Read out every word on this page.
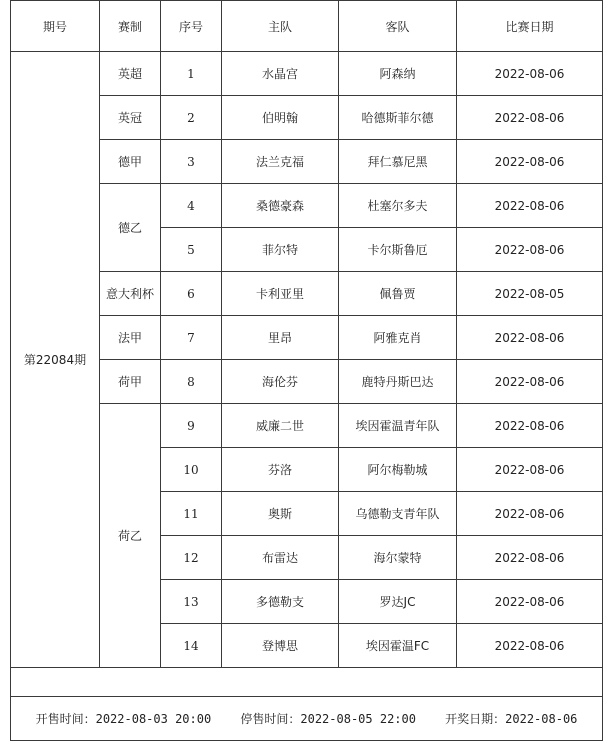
期号	赛制	序号	主队	客队	比赛日期
第22084期	英超	1	水晶宫	阿森纳	2022-08-06
	英冠	2	伯明翰	哈德斯菲尔德	2022-08-06
	德甲	3	法兰克福	拜仁慕尼黑	2022-08-06
	德乙	4	桑德豪森	杜塞尔多夫	2022-08-06
		5	菲尔特	卡尔斯鲁厄	2022-08-06
	意大利杯	6	卡利亚里	佩鲁贾	2022-08-05
	法甲	7	里昂	阿雅克肖	2022-08-06
	荷甲	8	海伦芬	鹿特丹斯巴达	2022-08-06
	荷乙	9	威廉二世	埃因霍温青年队	2022-08-06
		10	芬洛	阿尔梅勒城	2022-08-06
		11	奥斯	乌德勒支青年队	2022-08-06
		12	布雷达	海尔蒙特	2022-08-06
		13	多德勒支	罗达JC	2022-08-06
		14	登博思	埃因霍温FC	2022-08-06

开售时间：2022-08-03 20:00 停售时间：2022-08-05 22:00 开奖日期：2022-08-06					
